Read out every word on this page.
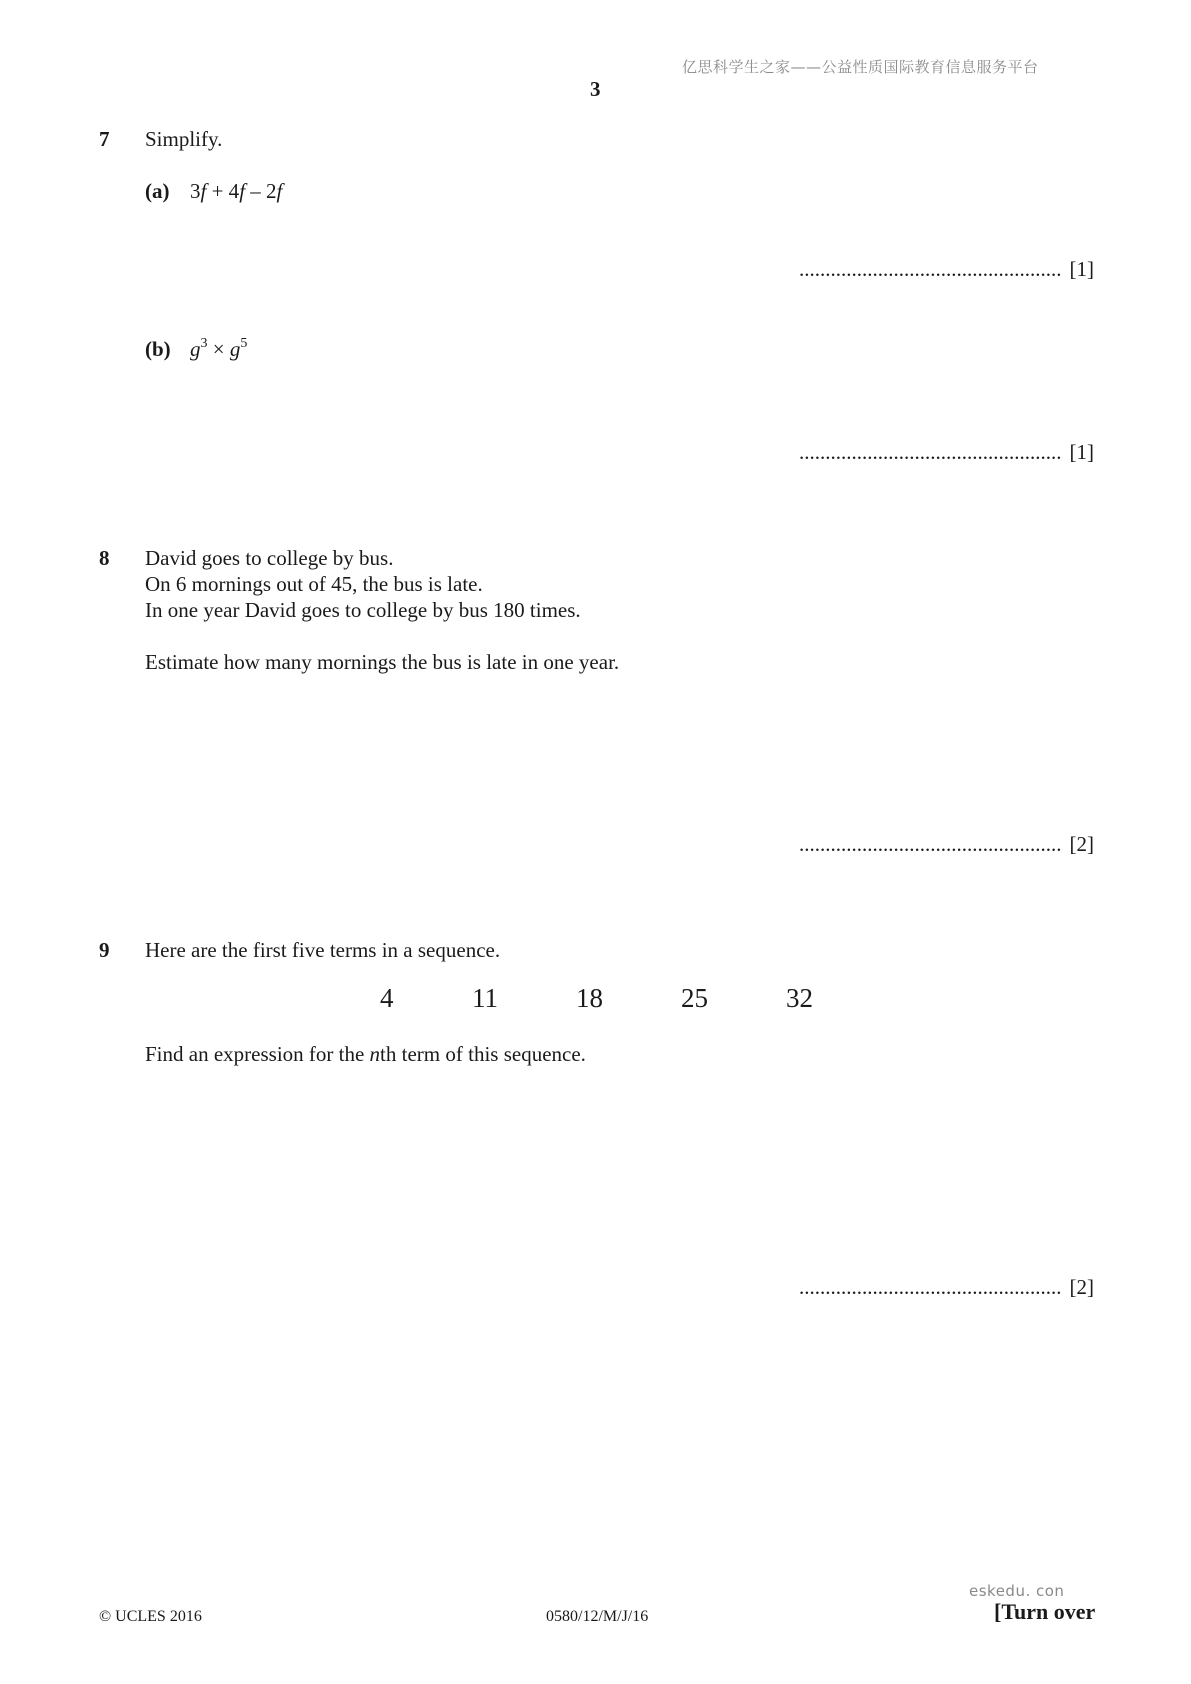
亿思科学生之家——公益性质国际教育信息服务平台
3
7 Simplify.
(a) 3f + 4f – 2f
.................................................. [1]
(b) $g^3 \times g^5$
.................................................. [1]
8 David goes to college by bus.
On 6 mornings out of 45, the bus is late.
In one year David goes to college by bus 180 times.
Estimate how many mornings the bus is late in one year.
.................................................. [2]
9 Here are the first five terms in a sequence.
4	11	18	25	32
Find an expression for the nth term of this sequence.
.................................................. [2]
eskedu. con
© UCLES 2016	0580/12/M/J/16	[Turn over
